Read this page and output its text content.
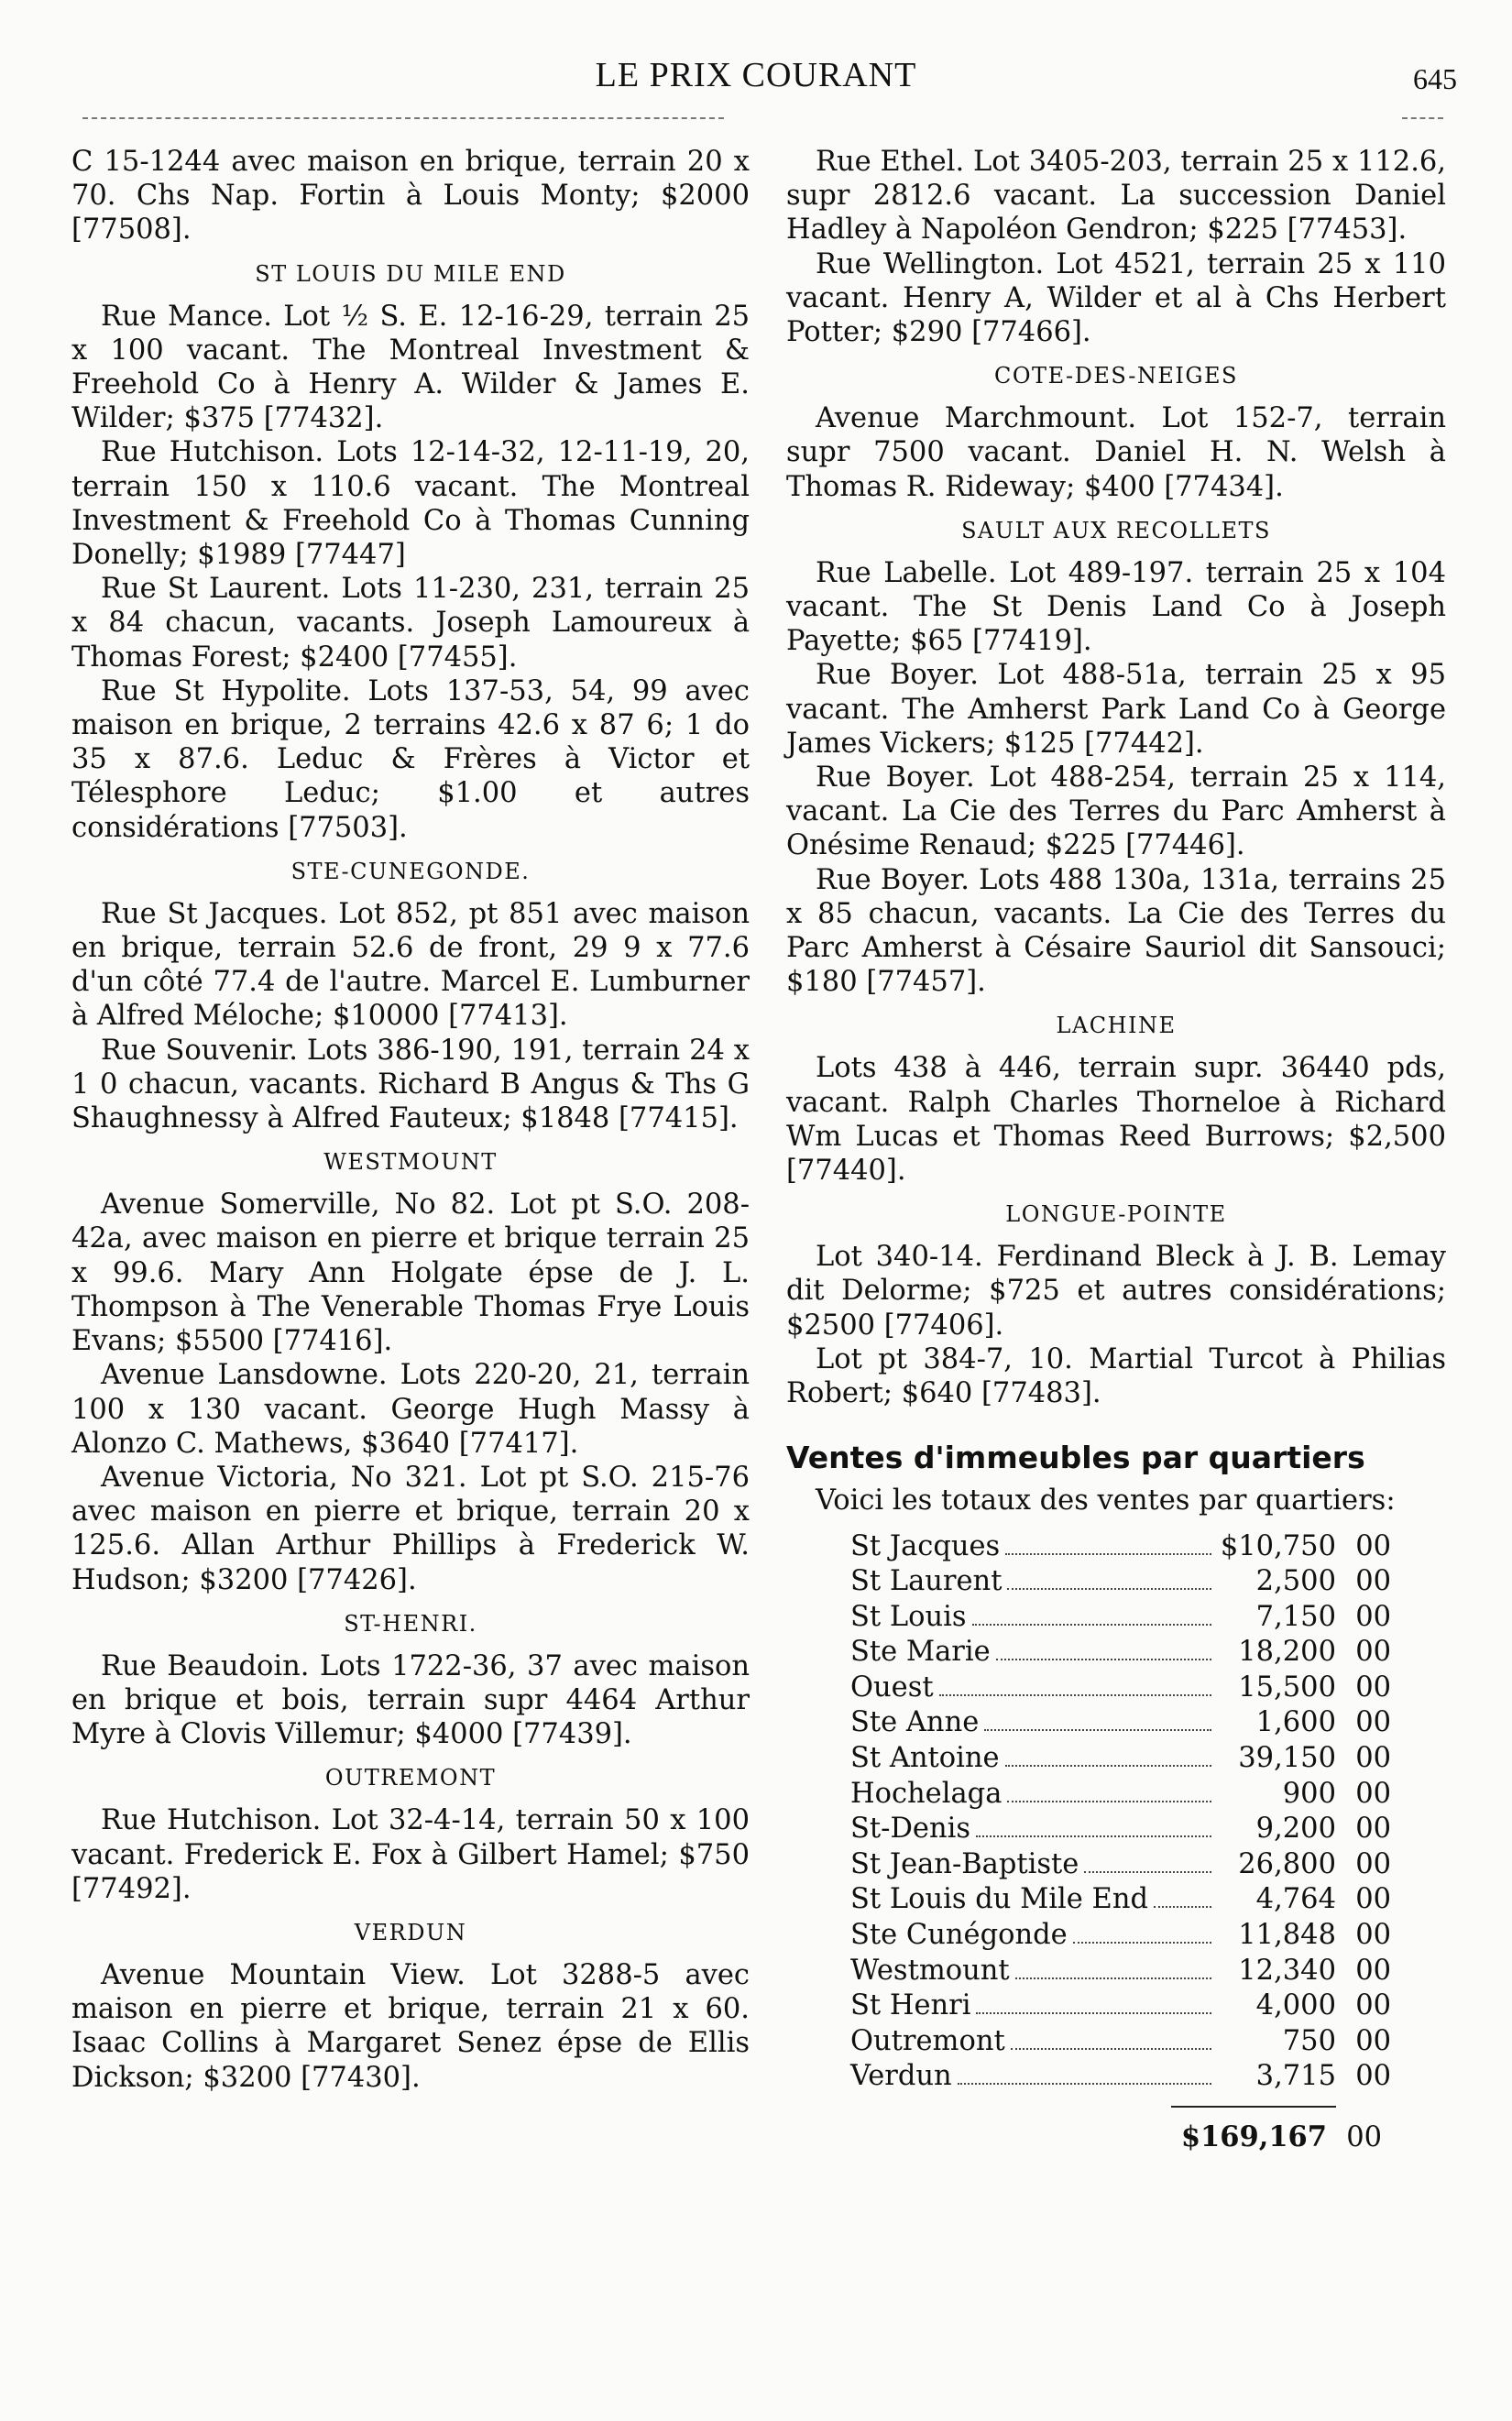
LE PRIX COURANT	645

C 15-1244 avec maison en brique, terrain 20 x 70. Chs Nap. Fortin à Louis Monty; $2000 [77508].

ST LOUIS DU MILE END

Rue Mance. Lot ½ S. E. 12-16-29, terrain 25 x 100 vacant. The Montreal Investment & Freehold Co à Henry A. Wilder & James E. Wilder; $375 [77432].

Rue Hutchison. Lots 12-14-32, 12-11-19, 20, terrain 150 x 110.6 vacant. The Montreal Investment & Freehold Co à Thomas Cunning Donelly; $1989 [77447]

Rue St Laurent. Lots 11-230, 231, terrain 25 x 84 chacun, vacants. Joseph Lamoureux à Thomas Forest; $2400 [77455].

Rue St Hypolite. Lots 137-53, 54, 99 avec maison en brique, 2 terrains 42.6 x 87 6; 1 do 35 x 87.6. Leduc & Frères à Victor et Télesphore Leduc; $1.00 et autres considérations [77503].

STE-CUNEGONDE.

Rue St Jacques. Lot 852, pt 851 avec maison en brique, terrain 52.6 de front, 29 9 x 77.6 d'un côté 77.4 de l'autre. Marcel E. Lumburner à Alfred Méloche; $10000 [77413].

Rue Souvenir. Lots 386-190, 191, terrain 24 x 1 0 chacun, vacants. Richard B Angus & Ths G Shaughnessy à Alfred Fauteux; $1848 [77415].

WESTMOUNT

Avenue Somerville, No 82. Lot pt S.O. 208-42a, avec maison en pierre et brique terrain 25 x 99.6. Mary Ann Holgate épse de J. L. Thompson à The Venerable Thomas Frye Louis Evans; $5500 [77416].

Avenue Lansdowne. Lots 220-20, 21, terrain 100 x 130 vacant. George Hugh Massy à Alonzo C. Mathews, $3640 [77417].

Avenue Victoria, No 321. Lot pt S.O. 215-76 avec maison en pierre et brique, terrain 20 x 125.6. Allan Arthur Phillips à Frederick W. Hudson; $3200 [77426].

ST-HENRI.

Rue Beaudoin. Lots 1722-36, 37 avec maison en brique et bois, terrain supr 4464 Arthur Myre à Clovis Villemur; $4000 [77439].

OUTREMONT

Rue Hutchison. Lot 32-4-14, terrain 50 x 100 vacant. Frederick E. Fox à Gilbert Hamel; $750 [77492].

VERDUN

Avenue Mountain View. Lot 3288-5 avec maison en pierre et brique, terrain 21 x 60. Isaac Collins à Margaret Senez épse de Ellis Dickson; $3200 [77430].

Rue Ethel. Lot 3405-203, terrain 25 x 112.6, supr 2812.6 vacant. La succession Daniel Hadley à Napoléon Gendron; $225 [77453].

Rue Wellington. Lot 4521, terrain 25 x 110 vacant. Henry A, Wilder et al à Chs Herbert Potter; $290 [77466].

COTE-DES-NEIGES

Avenue Marchmount. Lot 152-7, terrain supr 7500 vacant. Daniel H. N. Welsh à Thomas R. Rideway; $400 [77434].

SAULT AUX RECOLLETS

Rue Labelle. Lot 489-197. terrain 25 x 104 vacant. The St Denis Land Co à Joseph Payette; $65 [77419].

Rue Boyer. Lot 488-51a, terrain 25 x 95 vacant. The Amherst Park Land Co à George James Vickers; $125 [77442].

Rue Boyer. Lot 488-254, terrain 25 x 114, vacant. La Cie des Terres du Parc Amherst à Onésime Renaud; $225 [77446].

Rue Boyer. Lots 488 130a, 131a, terrains 25 x 85 chacun, vacants. La Cie des Terres du Parc Amherst à Césaire Sauriol dit Sansouci; $180 [77457].

LACHINE

Lots 438 à 446, terrain supr. 36440 pds, vacant. Ralph Charles Thorneloe à Richard Wm Lucas et Thomas Reed Burrows; $2,500 [77440].

LONGUE-POINTE

Lot 340-14. Ferdinand Bleck à J. B. Lemay dit Delorme; $725 et autres considérations; $2500 [77406].

Lot pt 384-7, 10. Martial Turcot à Philias Robert; $640 [77483].

Ventes d'immeubles par quartiers

Voici les totaux des ventes par quartiers:

St Jacques	$10,750 00
St Laurent	2,500 00
St Louis	7,150 00
Ste Marie	18,200 00
Ouest	15,500 00
Ste Anne	1,600 00
St Antoine	39,150 00
Hochelaga	900 00
St-Denis	9,200 00
St Jean-Baptiste	26,800 00
St Louis du Mile End	4,764 00
Ste Cunégonde	11,848 00
Westmount	12,340 00
St Henri	4,000 00
Outremont	750 00
Verdun	3,715 00
$169,167 00
